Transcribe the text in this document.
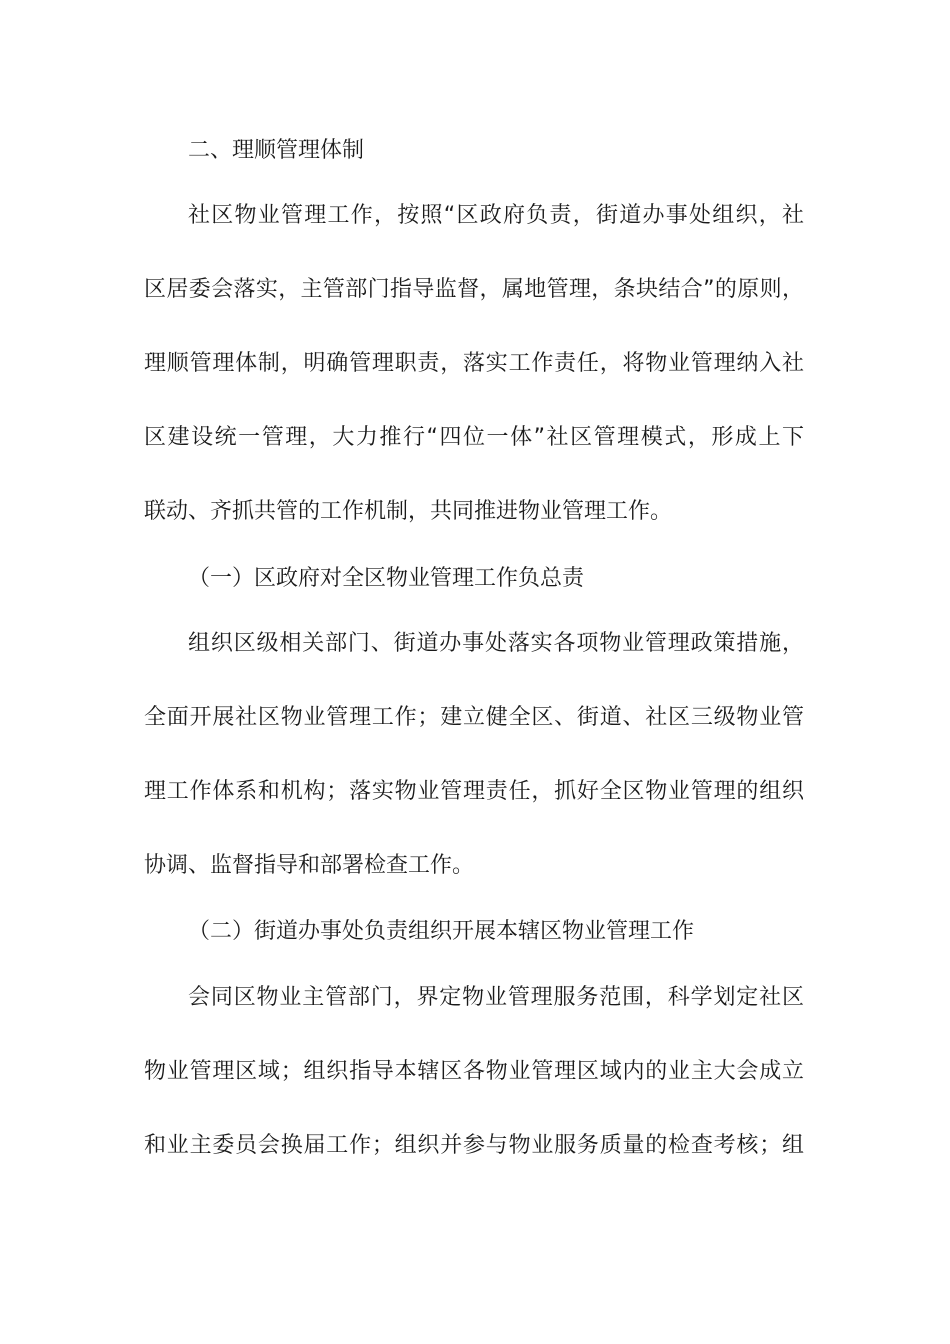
二、理顺管理体制
社区物业管理工作，按照“区政府负责，街道办事处组织，社
区居委会落实，主管部门指导监督，属地管理，条块结合”的原则，
理顺管理体制，明确管理职责，落实工作责任，将物业管理纳入社
区建设统一管理，大力推行“四位一体”社区管理模式，形成上下
联动、齐抓共管的工作机制，共同推进物业管理工作。
（一）区政府对全区物业管理工作负总责
组织区级相关部门、街道办事处落实各项物业管理政策措施，
全面开展社区物业管理工作；建立健全区、街道、社区三级物业管
理工作体系和机构；落实物业管理责任，抓好全区物业管理的组织
协调、监督指导和部署检查工作。
（二）街道办事处负责组织开展本辖区物业管理工作
会同区物业主管部门，界定物业管理服务范围，科学划定社区
物业管理区域；组织指导本辖区各物业管理区域内的业主大会成立
和业主委员会换届工作；组织并参与物业服务质量的检查考核；组
